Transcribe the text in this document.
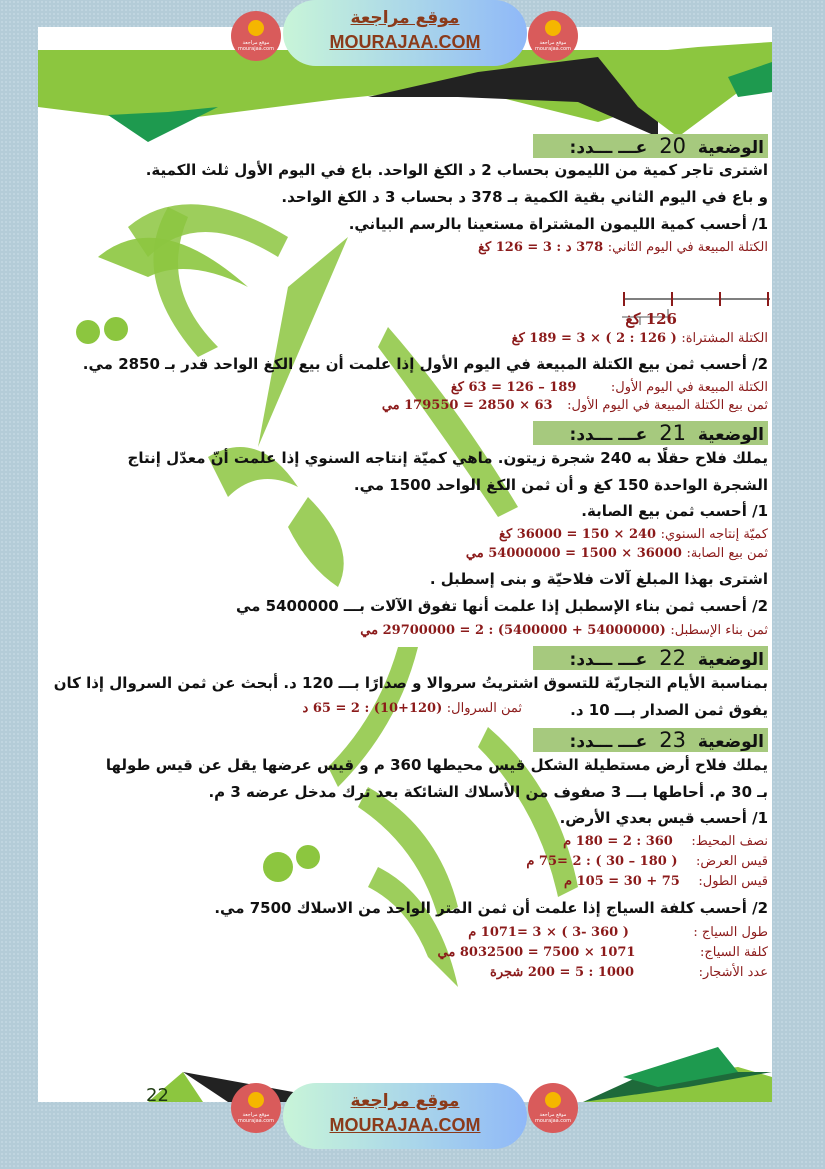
الوضعية 20 عـــ ـــدد:
اشترى تاجر كمية من الليمون بحساب 2 د الكغ الواحد. باع في اليوم الأول ثلث الكمية.
و باع في اليوم الثاني بقية الكمية بـ 378 د بحساب 3 د الكغ الواحد.
1/ أحسب كمية الليمون المشتراة مستعينا بالرسم البياني.
الكتلة المبيعة في اليوم الثاني: 378 د : 3 = 126 كغ
126 كغ
الكتلة المشتراة: ( 126 : 2 ) × 3 = 189 كغ
2/ أحسب ثمن بيع الكتلة المبيعة في اليوم الأول إذا علمت أن بيع الكغ الواحد قدر بـ 2850 مي.
الكتلة المبيعة في اليوم الأول: 189 – 126 = 63 كغ
ثمن بيع الكتلة المبيعة في اليوم الأول: 63 × 2850 = 179550 مي
الوضعية 21 عـــ ـــدد:
يملك فلاح حقلًا به 240 شجرة زيتون. ماهي كميّة إنتاجه السنوي إذا علمت أنّ معدّل إنتاج
الشجرة الواحدة 150 كغ و أن ثمن الكغ الواحد 1500 مي.
1/ أحسب ثمن بيع الصابة.
كميّة إنتاجه السنوي: 240 × 150 = 36000 كغ
ثمن بيع الصابة: 36000 × 1500 = 54000000 مي
اشترى بهذا المبلغ آلات فلاحيّة و بنى إسطبل .
2/ أحسب ثمن بناء الإسطبل إذا علمت أنها تفوق الآلات بـــ 5400000 مي
ثمن بناء الإسطبل: (54000000 + 5400000) : 2 = 29700000 مي
الوضعية 22 عـــ ـــدد:
بمناسبة الأيام التجاريّة للتسوق اشتريتُ سروالا و صدارًا بـــ 120 د. أبحث عن ثمن السروال إذا كان
يفوق ثمن الصدار بـــ 10 د.
ثمن السروال: (120+10) : 2 = 65 د
الوضعية 23 عـــ ـــدد:
يملك فلاح أرض مستطيلة الشكل قيس محيطها 360 م و قيس عرضها يقل عن قيس طولها
بـ 30 م. أحاطها بـــ 3 صفوف من الأسلاك الشائكة بعد ترك مدخل عرضه 3 م.
1/ أحسب قيس بعدي الأرض.
نصف المحيط: 360 : 2 = 180 م
قيس العرض: ( 180 – 30 ) : 2 =75 م
قيس الطول: 75 + 30 = 105 م
2/ أحسب كلفة السياج إذا علمت أن ثمن المتر الواحد من الاسلاك 7500 مي.
طول السياج : ( 360 -3 ) × 3 =1071 م
كلفة السياج: 1071 × 7500 = 8032500 مي
عدد الأشجار: 1000 : 5 = 200 شجرة
22
موقع مراجعة mourajaa.com
موقع مراجعة
MOURAJAA.COM	موقع مراجعة mourajaa.com
موقع مراجعة mourajaa.com
موقع مراجعة
MOURAJAA.COM	موقع مراجعة mourajaa.com
